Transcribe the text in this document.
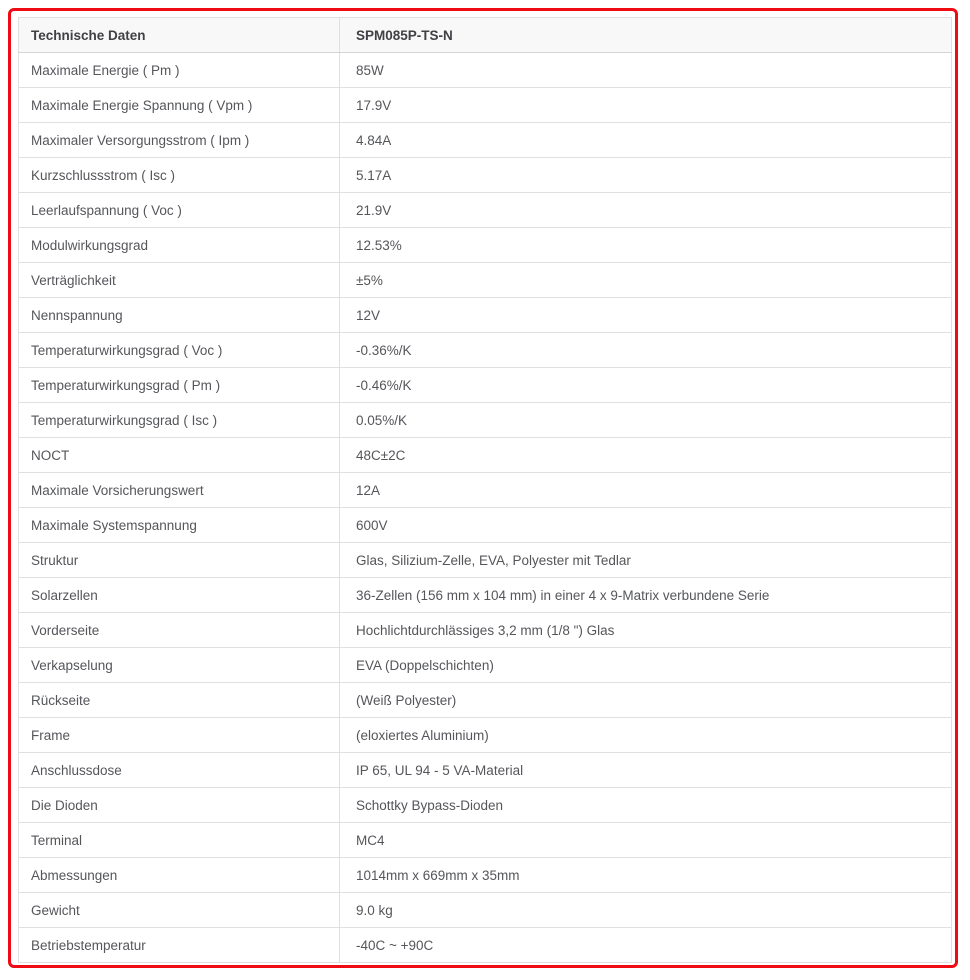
Technische Daten	SPM085P-TS-N
Maximale Energie ( Pm )	85W
Maximale Energie Spannung ( Vpm )	17.9V
Maximaler Versorgungsstrom ( Ipm )	4.84A
Kurzschlussstrom ( Isc )	5.17A
Leerlaufspannung ( Voc )	21.9V
Modulwirkungsgrad	12.53%
Verträglichkeit	±5%
Nennspannung	12V
Temperaturwirkungsgrad ( Voc )	-0.36%/K
Temperaturwirkungsgrad ( Pm )	-0.46%/K
Temperaturwirkungsgrad ( Isc )	0.05%/K
NOCT	48C±2C
Maximale Vorsicherungswert	12A
Maximale Systemspannung	600V
Struktur	Glas, Silizium-Zelle, EVA, Polyester mit Tedlar
Solarzellen	36-Zellen (156 mm x 104 mm) in einer 4 x 9-Matrix verbundene Serie
Vorderseite	Hochlichtdurchlässiges 3,2 mm (1/8 ") Glas
Verkapselung	EVA (Doppelschichten)
Rückseite	(Weiß Polyester)
Frame	(eloxiertes Aluminium)
Anschlussdose	IP 65, UL 94 - 5 VA-Material
Die Dioden	Schottky Bypass-Dioden
Terminal	MC4
Abmessungen	1014mm x 669mm x 35mm
Gewicht	9.0 kg
Betriebstemperatur	-40C ~ +90C
